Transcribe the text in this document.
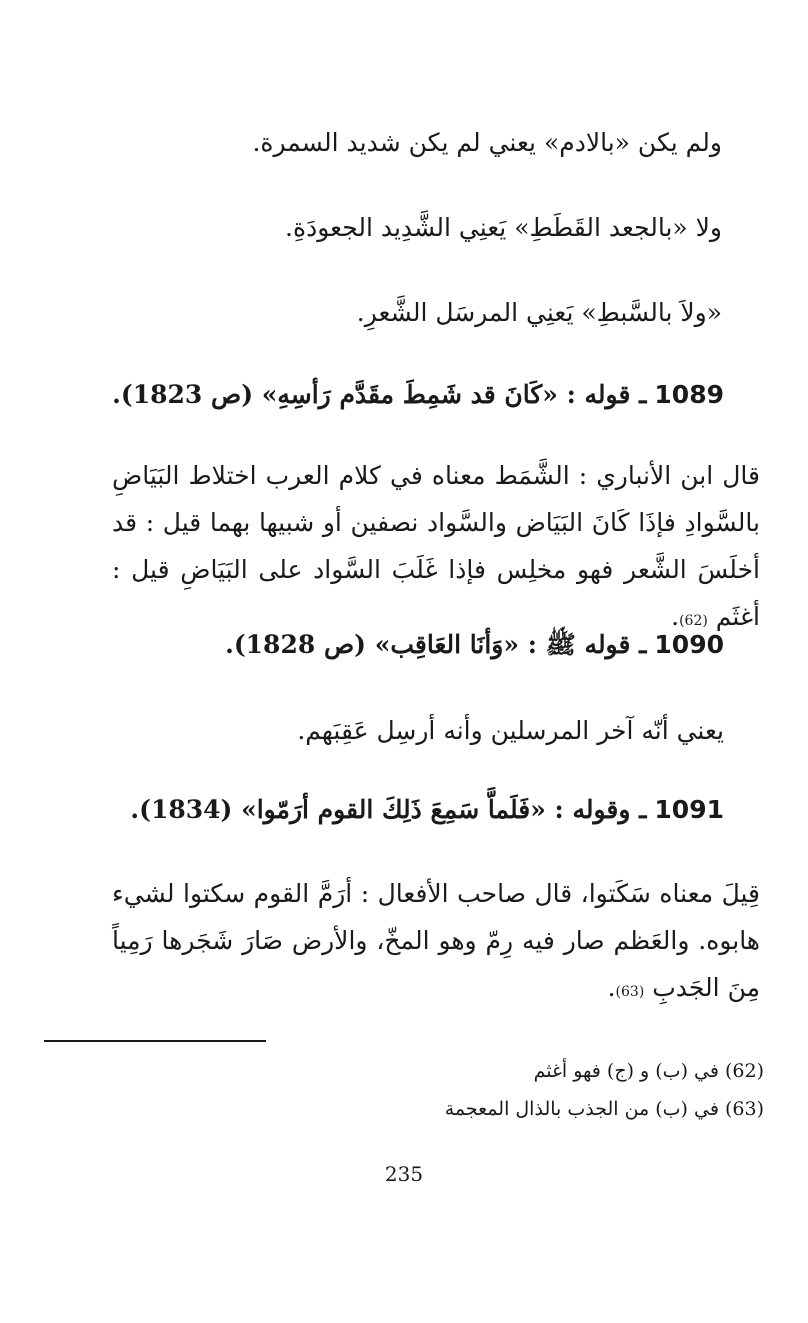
ولم يكن «بالادم» يعني لم يكن شديد السمرة.
ولا «بالجعد القَطَطِ» يَعنِي الشَّدِيد الجعودَةِ.
«ولاَ بالسَّبطِ» يَعنِي المرسَل الشَّعرِ.
1089 ـ قوله : «كَانَ قد شَمِطَ مقَدَّم رَأسِهِ» (ص 1823).
قال ابن الأنباري : الشَّمَط معناه في كلام العرب اختلاط البَيَاضِ بالسَّوادِ فإذَا كَانَ البَيَاض والسَّواد نصفين أو شبيها بهما قيل : قد أخلَسَ الشَّعر فهو مخلِس فإذا غَلَبَ السَّواد على البَيَاضِ قيل : أغثَم (62).
1090 ـ قوله ﷺ : «وَأنَا العَاقِب» (ص 1828).
يعني أنّه آخر المرسلين وأنه أرسِل عَقِبَهم.
1091 ـ وقوله : «فَلَماَّ سَمِعَ ذَلِكَ القوم أرَمّوا» (1834).
قِيلَ معناه سَكَتوا، قال صاحب الأفعال : أرَمَّ القوم سكتوا لشيء هابوه. والعَظم صار فيه رِمّ وهو المخّ، والأرض صَارَ شَجَرها رَمِياً مِنَ الجَدبِ (63).
(62) في (ب) و (ج) فهو أغثم
(63) في (ب) من الجذب بالذال المعجمة
235
